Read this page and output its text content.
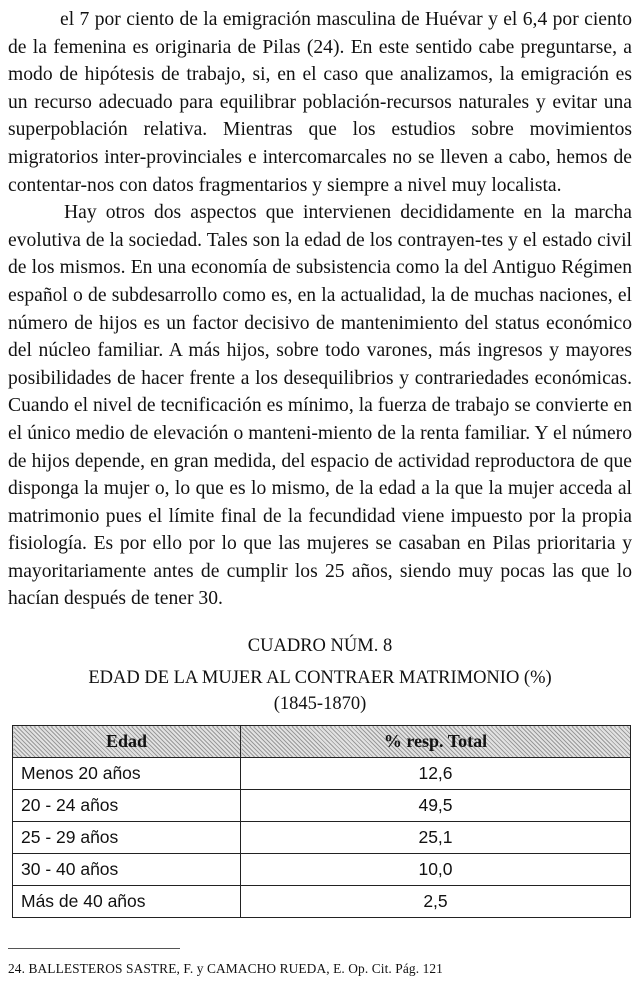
el 7 por ciento de la emigración masculina de Huévar y el 6,4 por ciento de la femenina es originaria de Pilas (24). En este sentido cabe preguntarse, a modo de hipótesis de trabajo, si, en el caso que analizamos, la emigración es un recurso adecuado para equilibrar población-recursos naturales y evitar una superpoblación relativa. Mientras que los estudios sobre movimientos migratorios inter-provinciales e intercomarcales no se lleven a cabo, hemos de contentar-nos con datos fragmentarios y siempre a nivel muy localista.

Hay otros dos aspectos que intervienen decididamente en la marcha evolutiva de la sociedad. Tales son la edad de los contrayen-tes y el estado civil de los mismos. En una economía de subsistencia como la del Antiguo Régimen español o de subdesarrollo como es, en la actualidad, la de muchas naciones, el número de hijos es un factor decisivo de mantenimiento del status económico del núcleo familiar. A más hijos, sobre todo varones, más ingresos y mayores posibilidades de hacer frente a los desequilibrios y contrariedades económicas. Cuando el nivel de tecnificación es mínimo, la fuerza de trabajo se convierte en el único medio de elevación o manteni-miento de la renta familiar. Y el número de hijos depende, en gran medida, del espacio de actividad reproductora de que disponga la mujer o, lo que es lo mismo, de la edad a la que la mujer acceda al matrimonio pues el límite final de la fecundidad viene impuesto por la propia fisiología. Es por ello por lo que las mujeres se casaban en Pilas prioritaria y mayoritariamente antes de cumplir los 25 años, siendo muy pocas las que lo hacían después de tener 30.

CUADRO NÚM. 8

EDAD DE LA MUJER AL CONTRAER MATRIMONIO (%)

(1845-1870)

Edad	% resp. Total
Menos 20 años	12,6
20 - 24 años	49,5
25 - 29 años	25,1
30 - 40 años	10,0
Más de 40 años	2,5
24. BALLESTEROS SASTRE, F. y CAMACHO RUEDA, E. Op. Cit. Pág. 121
